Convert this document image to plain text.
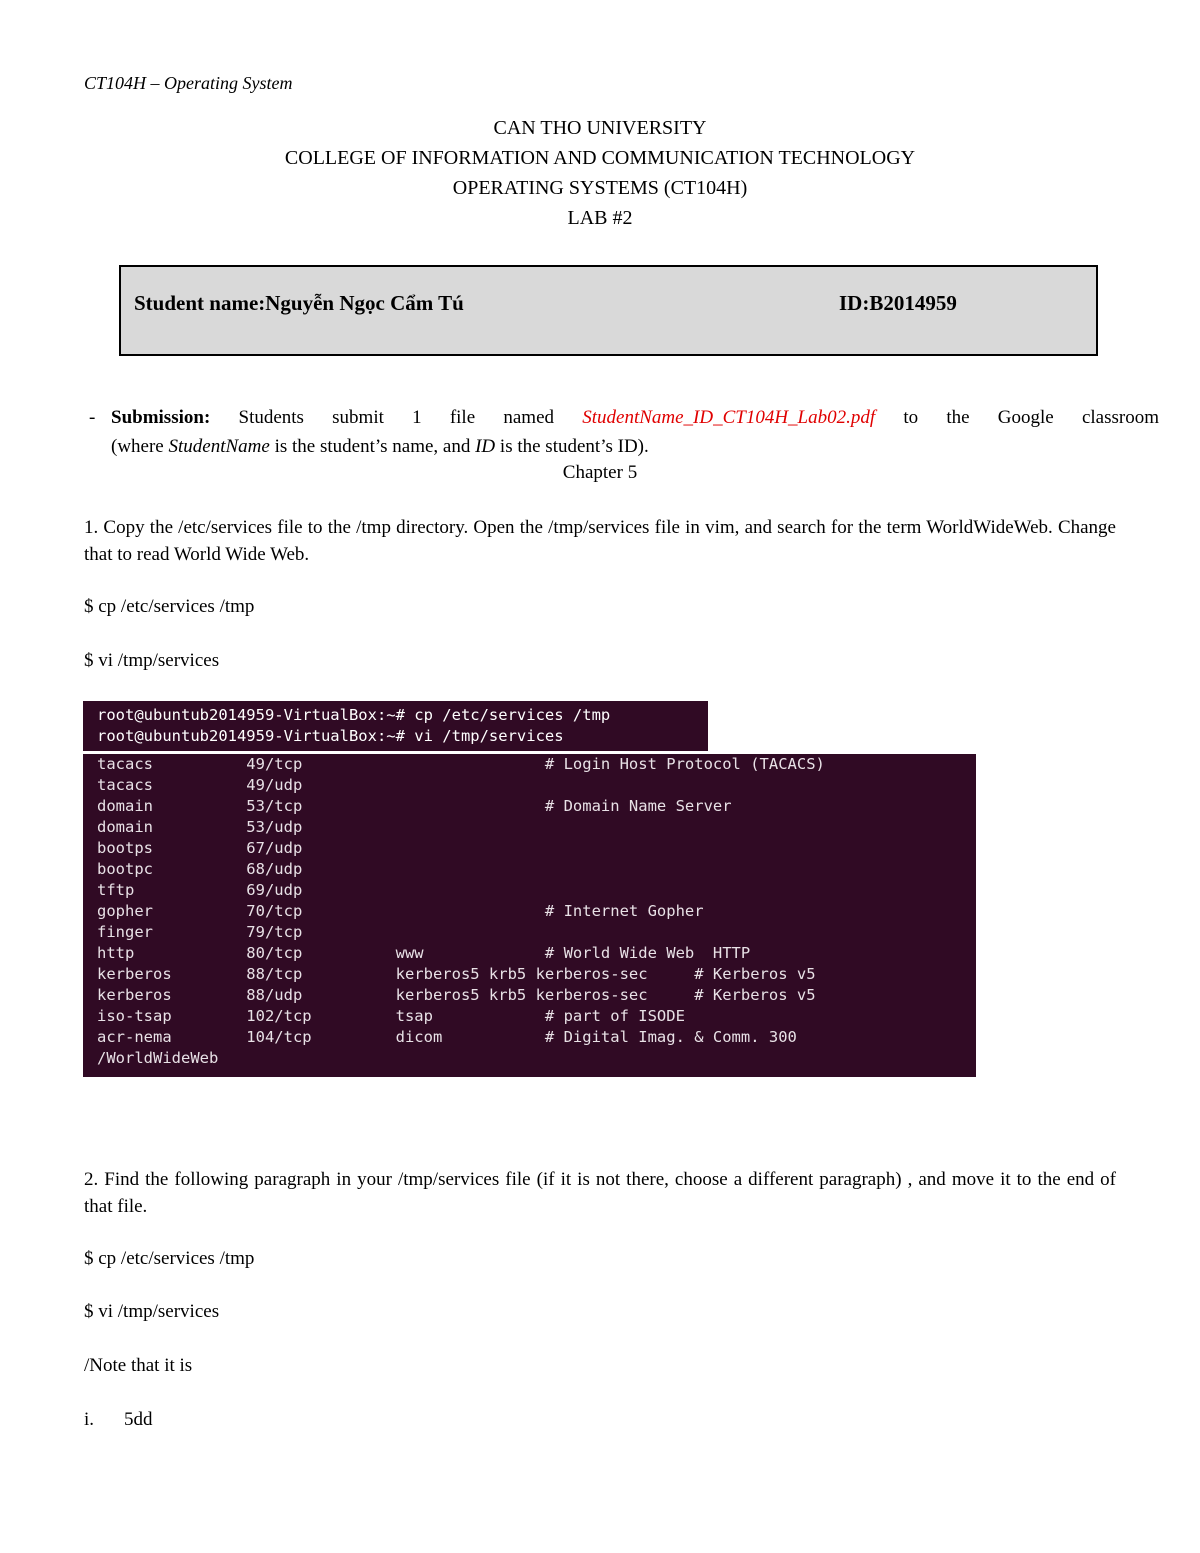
CT104H – Operating System
CAN THO UNIVERSITY
COLLEGE OF INFORMATION AND COMMUNICATION TECHNOLOGY
OPERATING SYSTEMS (CT104H)
LAB #2
Student name:Nguyễn Ngọc Cẩm Tú	ID:B2014959
- Submission: Students submit 1 file named StudentName_ID_CT104H_Lab02.pdf to the Google classroom
(where StudentName is the student’s name, and ID is the student’s ID).
Chapter 5
1. Copy the /etc/services file to the /tmp directory. Open the /tmp/services file in vim, and search for the term WorldWideWeb. Change that to read World Wide Web.
$ cp /etc/services /tmp
$ vi /tmp/services
root@ubuntub2014959-VirtualBox:~# cp /etc/services /tmp
root@ubuntub2014959-VirtualBox:~# vi /tmp/services
tacacs          49/tcp                          # Login Host Protocol (TACACS)
tacacs          49/udp
domain          53/tcp                          # Domain Name Server
domain          53/udp
bootps          67/udp
bootpc          68/udp
tftp            69/udp
gopher          70/tcp                          # Internet Gopher
finger          79/tcp
http            80/tcp          www             # World Wide Web  HTTP
kerberos        88/tcp          kerberos5 krb5 kerberos-sec     # Kerberos v5
kerberos        88/udp          kerberos5 krb5 kerberos-sec     # Kerberos v5
iso-tsap        102/tcp         tsap            # part of ISODE
acr-nema        104/tcp         dicom           # Digital Imag. & Comm. 300
/WorldWideWeb
2. Find the following paragraph in your /tmp/services file (if it is not there, choose a different paragraph) , and move it to the end of that file.
$ cp /etc/services /tmp
$ vi /tmp/services
/Note that it is
i. 5dd
